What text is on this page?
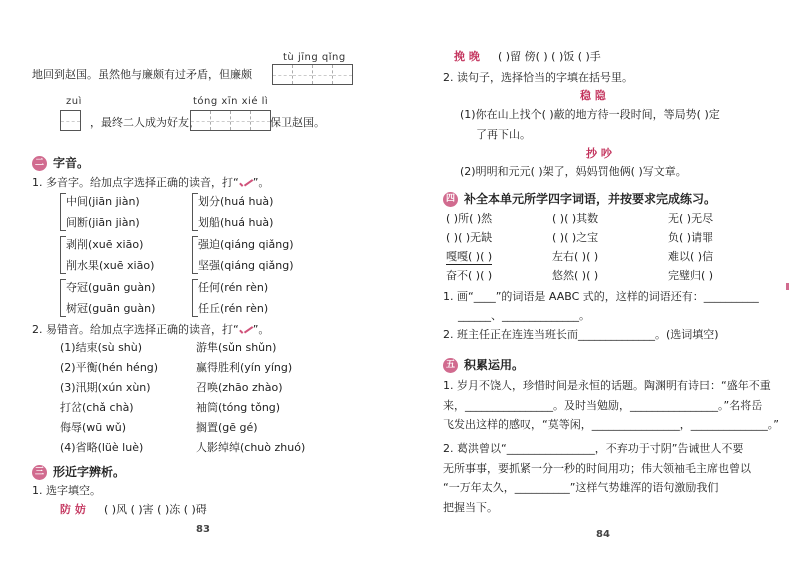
tù jīng qǐng
地回到赵国。虽然他与廉颇有过矛盾，但廉颇
zuì	tóng xīn xié lì
，最终二人成为好友，	保卫赵国。
二 字音。
1. 多音字。给加点字选择正确的读音，打“ ”。
中间(jiān jiàn)
间断(jiān jiàn)
剥削(xuē xiāo)
削水果(xuē xiāo)
夺冠(guān guàn)
树冠(guān guàn)
划分(huá huà)
划船(huá huà)
强迫(qiáng qiǎng)
坚强(qiáng qiǎng)
任何(rén rèn)
任丘(rén rèn)
2. 易错音。给加点字选择正确的读音，打“ ”。
(1)结束(sù shù)
(2)平衡(hén héng)
(3)汛期(xún xùn)
打岔(chǎ chà)
侮辱(wū wǔ)
(4)省略(lüè luè)
游隼(sǔn shǔn)
赢得胜利(yín yíng)
召唤(zhāo zhào)
袖筒(tóng tǒng)
搁置(gē gé)
人影绰绰(chuò zhuó)
三 形近字辨析。
1. 选字填空。
防 妨 ( )风 ( )害 ( )冻 ( )碍
83
挽 晚 ( )留 傍( ) ( )饭 ( )手
2. 读句子，选择恰当的字填在括号里。
稳 隐
(1)你在山上找个( )蔽的地方待一段时间，等局势( )定
了再下山。
抄 吵
(2)明明和元元( )架了，妈妈罚他俩( )写文章。
四 补全本单元所学四字词语，并按要求完成练习。
( )所( )然	( )( )其数	无( )无尽
( )( )无缺	( )( )之宝	负( )请罪
嘎嘎( )( )	左右( )( )	难以( )信
奋不( )( )	悠然( )( )	完璧归( )
1. 画“____”的词语是 AABC 式的，这样的词语还有：__________
______、______________。
2. 班主任正在连连当班长而______________。(选词填空)
五 积累运用。
1. 岁月不饶人，珍惜时间是永恒的话题。陶渊明有诗曰：“盛年不重
来，________________。及时当勉励，________________。”名将岳
飞发出这样的感叹，“莫等闲，________________，______________。”
2. 葛洪曾以“________________，不弃功于寸阴”告诫世人不要
无所事事，要抓紧一分一秒的时间用功；伟大领袖毛主席也曾以
“一万年太久，__________”这样气势雄浑的语句激励我们
把握当下。
84
